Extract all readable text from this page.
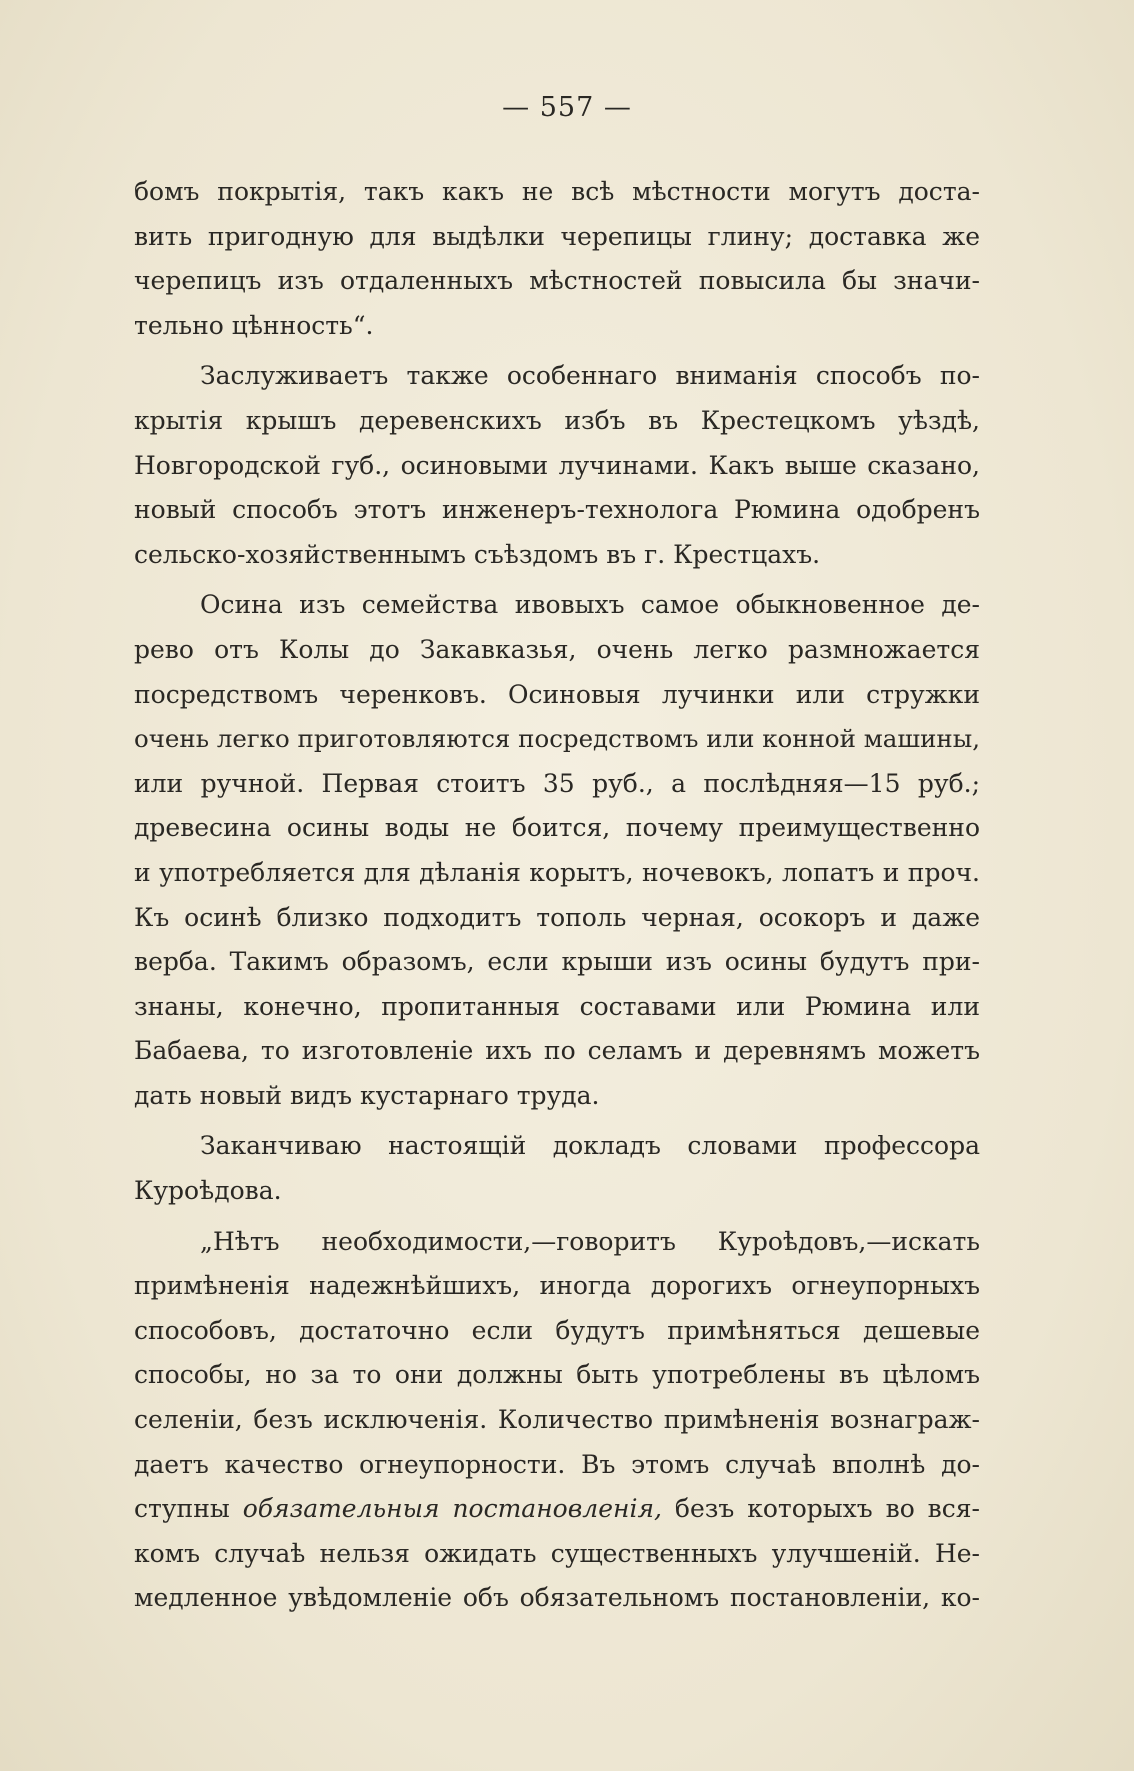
— 557 —
бомъ покрытія, такъ какъ не всѣ мѣстности могутъ доста-
вить пригодную для выдѣлки черепицы глину; доставка же
черепицъ изъ отдаленныхъ мѣстностей повысила бы значи-
тельно цѣнность“.
Заслуживаетъ также особеннаго вниманія способъ по-
крытія крышъ деревенскихъ избъ въ Крестецкомъ уѣздѣ,
Новгородской губ., осиновыми лучинами. Какъ выше сказано,
новый способъ этотъ инженеръ-технолога Рюмина одобренъ
сельско-хозяйственнымъ съѣздомъ въ г. Крестцахъ.
Осина изъ семейства ивовыхъ самое обыкновенное де-
рево отъ Колы до Закавказья, очень легко размножается
посредствомъ черенковъ. Осиновыя лучинки или стружки
очень легко приготовляются посредствомъ или конной машины,
или ручной. Первая стоитъ 35 руб., а послѣдняя—15 руб.;
древесина осины воды не боится, почему преимущественно
и употребляется для дѣланія корытъ, ночевокъ, лопатъ и проч.
Къ осинѣ близко подходитъ тополь черная, осокоръ и даже
верба. Такимъ образомъ, если крыши изъ осины будутъ при-
знаны, конечно, пропитанныя составами или Рюмина или
Бабаева, то изготовленіе ихъ по селамъ и деревнямъ можетъ
дать новый видъ кустарнаго труда.
Заканчиваю настоящій докладъ словами профессора
Куроѣдова.
„Нѣтъ необходимости,—говоритъ Куроѣдовъ,—искать
примѣненія надежнѣйшихъ, иногда дорогихъ огнеупорныхъ
способовъ, достаточно если будутъ примѣняться дешевые
способы, но за то они должны быть употреблены въ цѣломъ
селеніи, безъ исключенія. Количество примѣненія вознаграж-
даетъ качество огнеупорности. Въ этомъ случаѣ вполнѣ до-
ступны обязательныя постановленія, безъ которыхъ во вся-
комъ случаѣ нельзя ожидать существенныхъ улучшеній. Не-
медленное увѣдомленіе объ обязательномъ постановленіи, ко-
